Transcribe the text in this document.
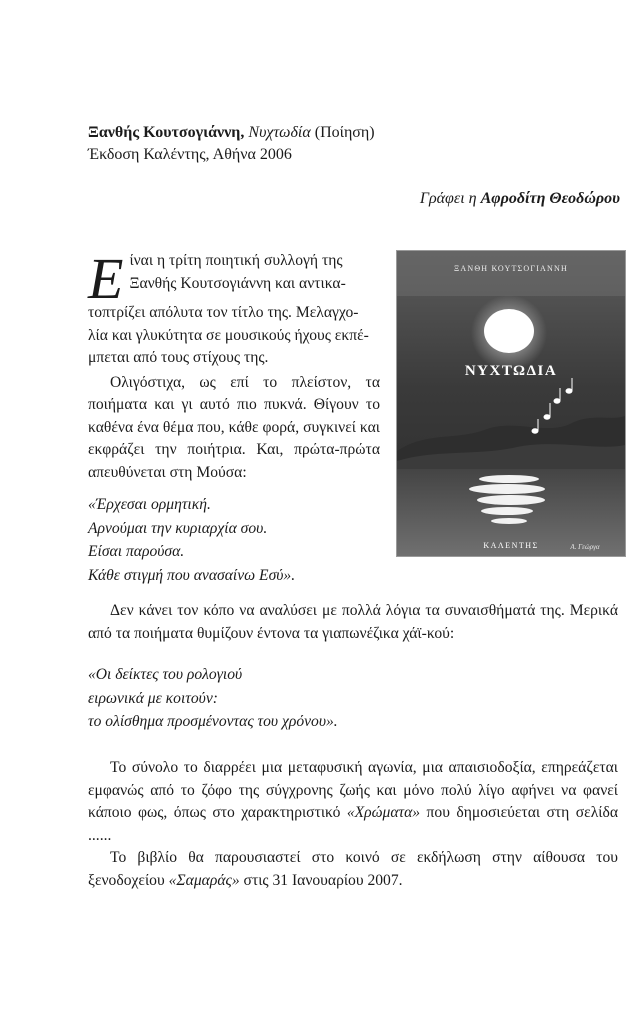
Ξανθής Κουτσογιάννη, Νυχτωδία (Ποίηση)
Έκδοση Καλέντης, Αθήνα 2006
Γράφει η Αφροδίτη Θεοδώρου
Ε ίναι η τρίτη ποιητική συλλογή της
Ξανθής Κουτσογιάννη και αντικα-
τοπτρίζει απόλυτα τον τίτλο της. Μελαγχο-
λία και γλυκύτητα σε μουσικούς ήχους εκπέ-
μπεται από τους στίχους της.

Ολιγόστιχα, ως επί το πλείστον, τα ποιήματα και γι αυτό πιο πυκνά. Θίγουν το καθένα ένα θέμα που, κάθε φορά, συγκινεί και εκφράζει την ποιήτρια. Και, πρώτα-πρώτα απευθύνεται στη Μούσα:

«Έρχεσαι ορμητική.
Αρνούμαι την κυριαρχία σου.
Είσαι παρούσα.
Κάθε στιγμή που ανασαίνω Εσύ».
ΞΑΝΘΗ ΚΟΥΤΣΟΓΙΑΝΝΗ
ΝΥΧΤΩΔΙΑ
ΚΑΛΕΝΤΗΣ	Α. Γεώργα

Δεν κάνει τον κόπο να αναλύσει με πολλά λόγια τα συναισθήματά της. Μερικά από τα ποιήματα θυμίζουν έντονα τα γιαπωνέζικα χάϊ-κού:

«Οι δείκτες του ρολογιού
ειρωνικά με κοιτούν:
το ολίσθημα προσμένοντας του χρόνου».

Το σύνολο το διαρρέει μια μεταφυσική αγωνία, μια απαισιοδοξία, επηρεάζεται εμφανώς από το ζόφο της σύγχρονης ζωής και μόνο πολύ λίγο αφήνει να φανεί κάποιο φως, όπως στο χαρακτηριστικό «Χρώματα» που δημοσιεύεται στη σελίδα ......

Το βιβλίο θα παρουσιαστεί στο κοινό σε εκδήλωση στην αίθουσα του ξενοδοχείου «Σαμαράς» στις 31 Ιανουαρίου 2007.
